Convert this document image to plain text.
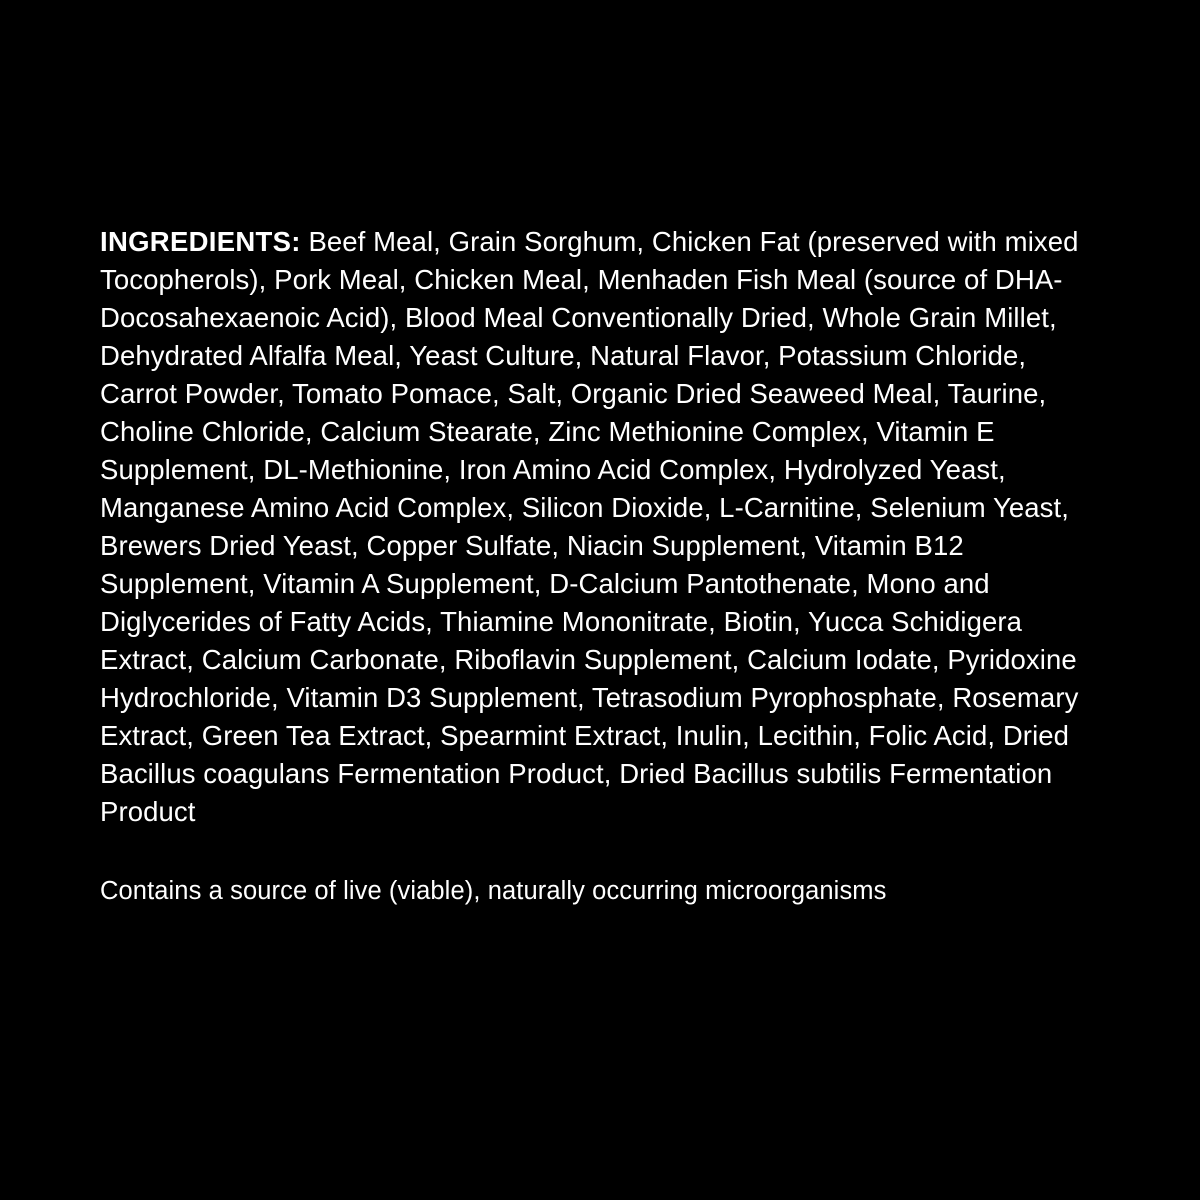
INGREDIENTS: Beef Meal, Grain Sorghum, Chicken Fat (preserved with mixed Tocopherols), Pork Meal, Chicken Meal, Menhaden Fish Meal (source of DHA-Docosahexaenoic Acid), Blood Meal Conventionally Dried, Whole Grain Millet, Dehydrated Alfalfa Meal, Yeast Culture, Natural Flavor, Potassium Chloride, Carrot Powder, Tomato Pomace, Salt, Organic Dried Seaweed Meal, Taurine, Choline Chloride, Calcium Stearate, Zinc Methionine Complex, Vitamin E Supplement, DL-Methionine, Iron Amino Acid Complex, Hydrolyzed Yeast, Manganese Amino Acid Complex, Silicon Dioxide, L-Carnitine, Selenium Yeast, Brewers Dried Yeast, Copper Sulfate, Niacin Supplement, Vitamin B12 Supplement, Vitamin A Supplement, D-Calcium Pantothenate, Mono and Diglycerides of Fatty Acids, Thiamine Mononitrate, Biotin, Yucca Schidigera Extract, Calcium Carbonate, Riboflavin Supplement, Calcium Iodate, Pyridoxine Hydrochloride, Vitamin D3 Supplement, Tetrasodium Pyrophosphate, Rosemary Extract, Green Tea Extract, Spearmint Extract, Inulin, Lecithin, Folic Acid, Dried Bacillus coagulans Fermentation Product, Dried Bacillus subtilis Fermentation Product

Contains a source of live (viable), naturally occurring microorganisms
